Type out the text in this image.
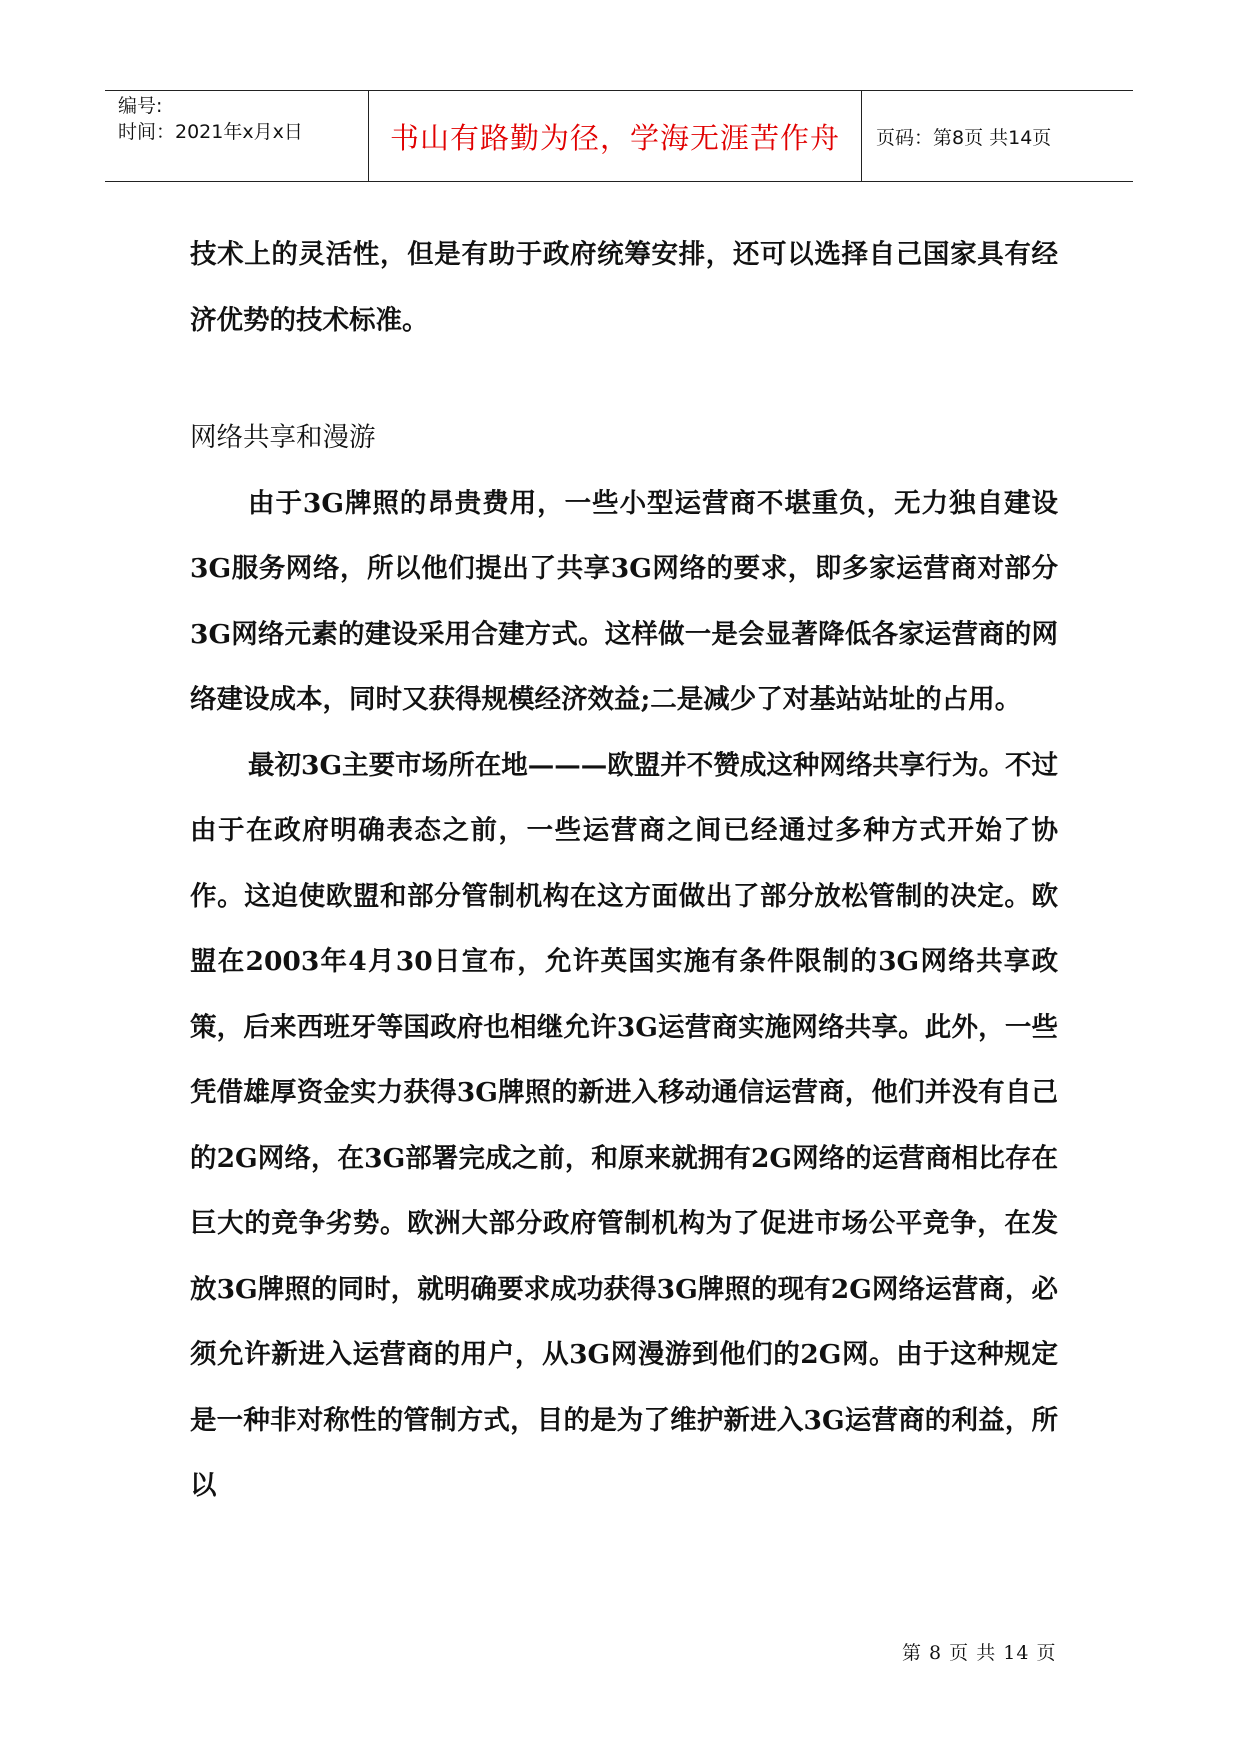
编号:
时间：2021年x月x日	书山有路勤为径，学海无涯苦作舟	页码：第8页 共14页

技术上的灵活性，但是有助于政府统筹安排，还可以选择自己国家具有经济优势的技术标准。

网络共享和漫游

由于3G牌照的昂贵费用，一些小型运营商不堪重负，无力独自建设3G服务网络，所以他们提出了共享3G网络的要求，即多家运营商对部分3G网络元素的建设采用合建方式。这样做一是会显著降低各家运营商的网络建设成本，同时又获得规模经济效益;二是减少了对基站站址的占用。

最初3G主要市场所在地———欧盟并不赞成这种网络共享行为。不过由于在政府明确表态之前，一些运营商之间已经通过多种方式开始了协作。这迫使欧盟和部分管制机构在这方面做出了部分放松管制的决定。欧盟在2003年4月30日宣布，允许英国实施有条件限制的3G网络共享政策，后来西班牙等国政府也相继允许3G运营商实施网络共享。此外，一些凭借雄厚资金实力获得3G牌照的新进入移动通信运营商，他们并没有自己的2G网络，在3G部署完成之前，和原来就拥有2G网络的运营商相比存在巨大的竞争劣势。欧洲大部分政府管制机构为了促进市场公平竞争，在发放3G牌照的同时，就明确要求成功获得3G牌照的现有2G网络运营商，必须允许新进入运营商的用户，从3G网漫游到他们的2G网。由于这种规定是一种非对称性的管制方式，目的是为了维护新进入3G运营商的利益，所以

第 8 页 共 14 页
